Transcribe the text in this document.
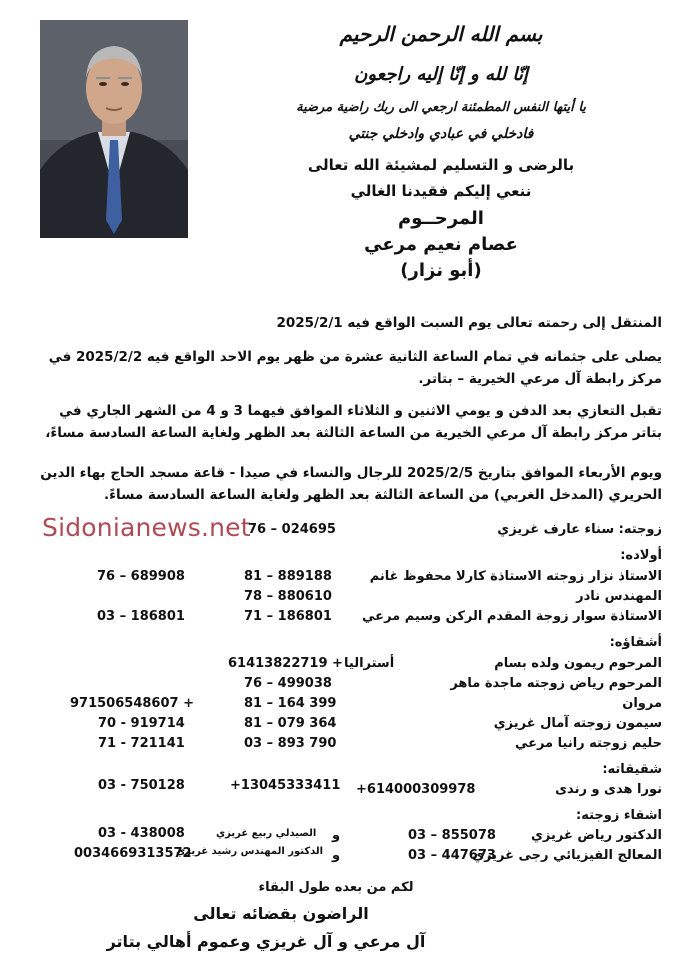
بسم الله الرحمن الرحيم
إنّا لله و إنّا إليه راجعون
يا أيتها النفس المطمئنة ارجعي الى ربك راضية مرضية
فادخلي في عبادي وادخلي جنتي
بالرضى و التسليم لمشيئة الله تعالى
ننعي إليكم فقيدنا الغالي
المرحــوم
عصام نعيم مرعي
(أبو نزار)
المنتقل إلى رحمته تعالى يوم السبت الواقع فيه 2025/2/1
يصلى على جثمانه في تمام الساعة الثانية عشرة من ظهر يوم الاحد الواقع فيه 2025/2/2 في مركز رابطة آل مرعي الخيرية – بتاتر.
تقبل التعازي بعد الدفن و يومي الاثنين و الثلاثاء الموافق فيهما 3 و 4 من الشهر الجاري في بتاتر مركز رابطة آل مرعي الخيرية من الساعة الثالثة بعد الظهر ولغاية الساعة السادسة مساءً،
ويوم الأربعاء الموافق بتاريخ 2025/2/5 للرجال والنساء في صيدا - قاعة مسجد الحاج بهاء الدين الحريري (المدخل الغربي) من الساعة الثالثة بعد الظهر ولغاية الساعة السادسة مساءً.
Sidonianews.net	زوجته: سناء عارف غريزي
76 – 024695
أولاده:
الاستاذ نزار زوجته الاستاذة كارلا محفوظ غانم
81 – 889188
76 – 689908
المهندس نادر
78 – 880610
الاستاذة سوار زوجة المقدم الركن وسيم مرعي
71 – 186801
03 – 186801
أشقاؤه:
المرحوم ريمون ولده بسام
أستراليا
61413822719 +
المرحوم رياض زوجته ماجدة ماهر
76 – 499038
مروان
81 – 164 399
971506548607 +
سيمون زوجته آمال غريزي
81 – 079 364
70 - 919714
حليم زوجته رانيا مرعي
03 – 893 790
71 - 721141
شقيقاته:
نورا هدى و رندى
+614000309978
+13045333411
03 - 750128
اشقاء زوجته:
الدكتور رياض غريزي
03 – 855078
و
الصيدلي ربيع غريزي
03 - 438008
المعالج الفيزيائي رجى غريزي
03 – 447673
و
الدكتور المهندس رشيد غريزي
0034669313572
لكم من بعده طول البقاء
الراضون بقضائه تعالى
آل مرعي و آل غريزي وعموم أهالي بتاتر
